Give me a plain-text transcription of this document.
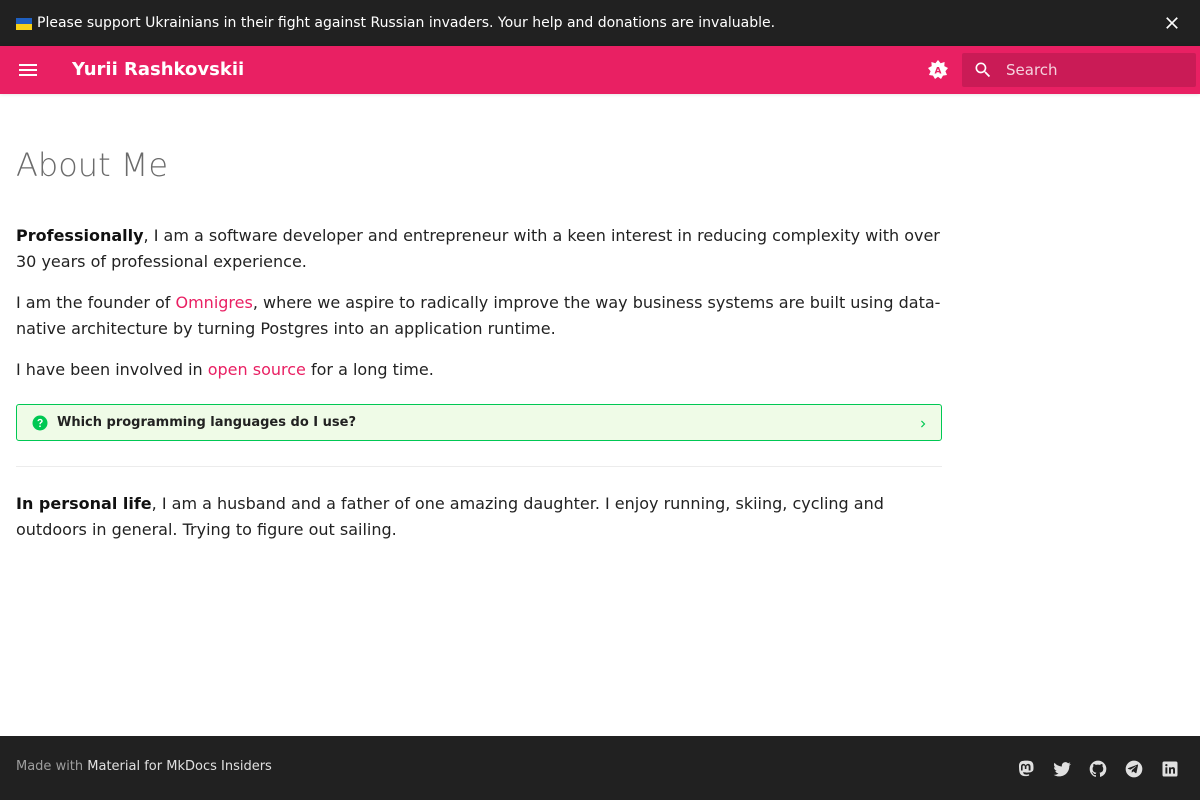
Please support Ukrainians in their fight against Russian invaders. Your help and donations are invaluable.
Yurii Rashkovskii	A
Search
About Me

Professionally, I am a software developer and entrepreneur with a keen interest in reducing complexity with over 30 years of professional experience.

I am the founder of Omnigres, where we aspire to radically improve the way business systems are built using data-native architecture by turning Postgres into an application runtime.

I have been involved in open source for a long time.

Which programming languages do I use?

In personal life, I am a husband and a father of one amazing daughter. I enjoy running, skiing, cycling and outdoors in general. Trying to figure out sailing.

Made with Material for MkDocs Insiders
